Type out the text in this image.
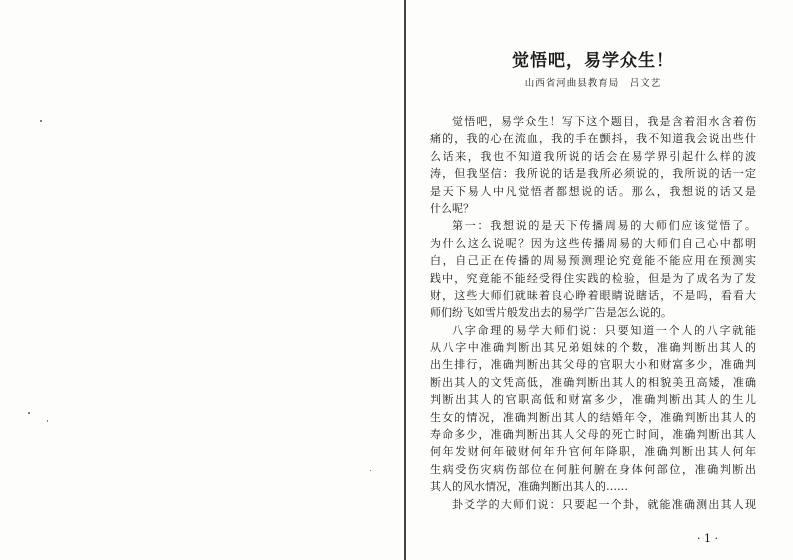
觉悟吧，易学众生！
山西省河曲县教育局　吕文艺
觉悟吧，易学众生！写下这个题目，我是含着泪水含着伤
痛的，我的心在流血，我的手在颤抖，我不知道我会说出些什
么话来，我也不知道我所说的话会在易学界引起什么样的波
涛，但我坚信：我所说的话是我所必须说的，我所说的话一定
是天下易人中凡觉悟者都想说的话。那么，我想说的话又是
什么呢？
第一：我想说的是天下传播周易的大师们应该觉悟了。
为什么这么说呢？因为这些传播周易的大师们自己心中都明
白，自己正在传播的周易预测理论究竟能不能应用在预测实
践中，究竟能不能经受得住实践的检验，但是为了成名为了发
财，这些大师们就昧着良心睁着眼睛说瞎话，不是吗，看看大
师们纷飞如雪片般发出去的易学广告是怎么说的。
八字命理的易学大师们说：只要知道一个人的八字就能
从八字中准确判断出其兄弟姐妹的个数，准确判断出其人的
出生排行，准确判断出其父母的官职大小和财富多少，准确判
断出其人的文凭高低，准确判断出其人的相貌美丑高矮，准确
判断出其人的官职高低和财富多少，准确判断出其人的生儿
生女的情况，准确判断出其人的结婚年令，准确判断出其人的
寿命多少，准确判断出其人父母的死亡时间，准确判断出其人
何年发财何年破财何年升官何年降职，准确判断出其人何年
生病受伤灾病伤部位在何脏何腑在身体何部位，准确判断出
其人的风水情况，准确判断出其人的……
卦爻学的大师们说：只要起一个卦，就能准确测出其人现
· 1 ·
